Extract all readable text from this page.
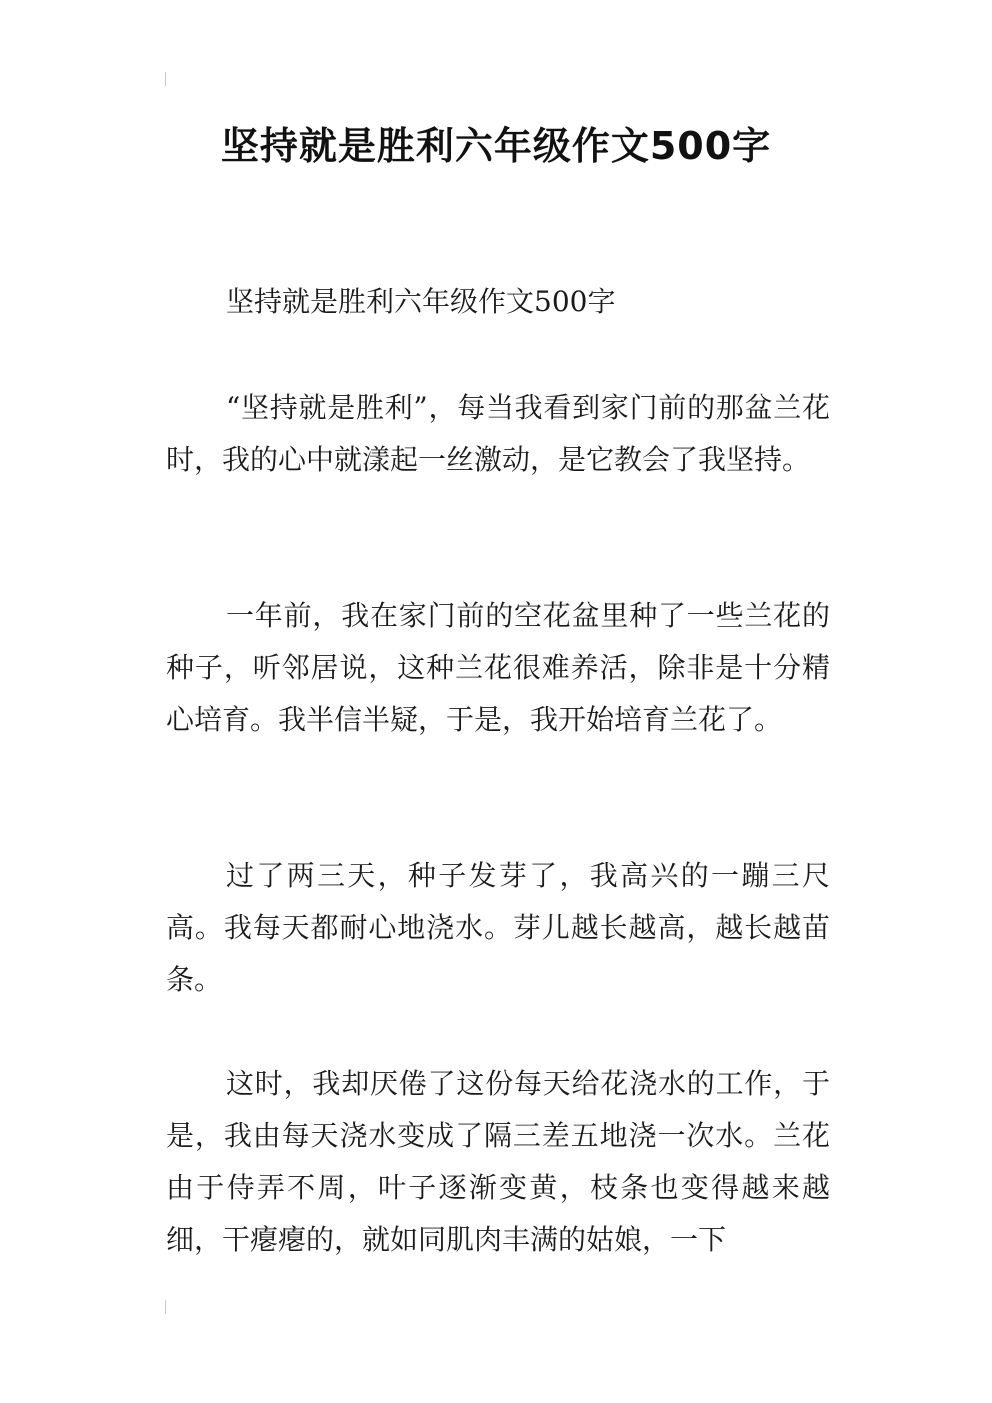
坚持就是胜利六年级作文500字

坚持就是胜利六年级作文500字

“坚持就是胜利”，每当我看到家门前的那盆兰花时，我的心中就漾起一丝激动，是它教会了我坚持。

一年前，我在家门前的空花盆里种了一些兰花的种子，听邻居说，这种兰花很难养活，除非是十分精心培育。我半信半疑，于是，我开始培育兰花了。

过了两三天，种子发芽了，我高兴的一蹦三尺高。我每天都耐心地浇水。芽儿越长越高，越长越苗条。

这时，我却厌倦了这份每天给花浇水的工作，于是，我由每天浇水变成了隔三差五地浇一次水。兰花由于侍弄不周，叶子逐渐变黄，枝条也变得越来越细，干瘪瘪的，就如同肌肉丰满的姑娘，一下
